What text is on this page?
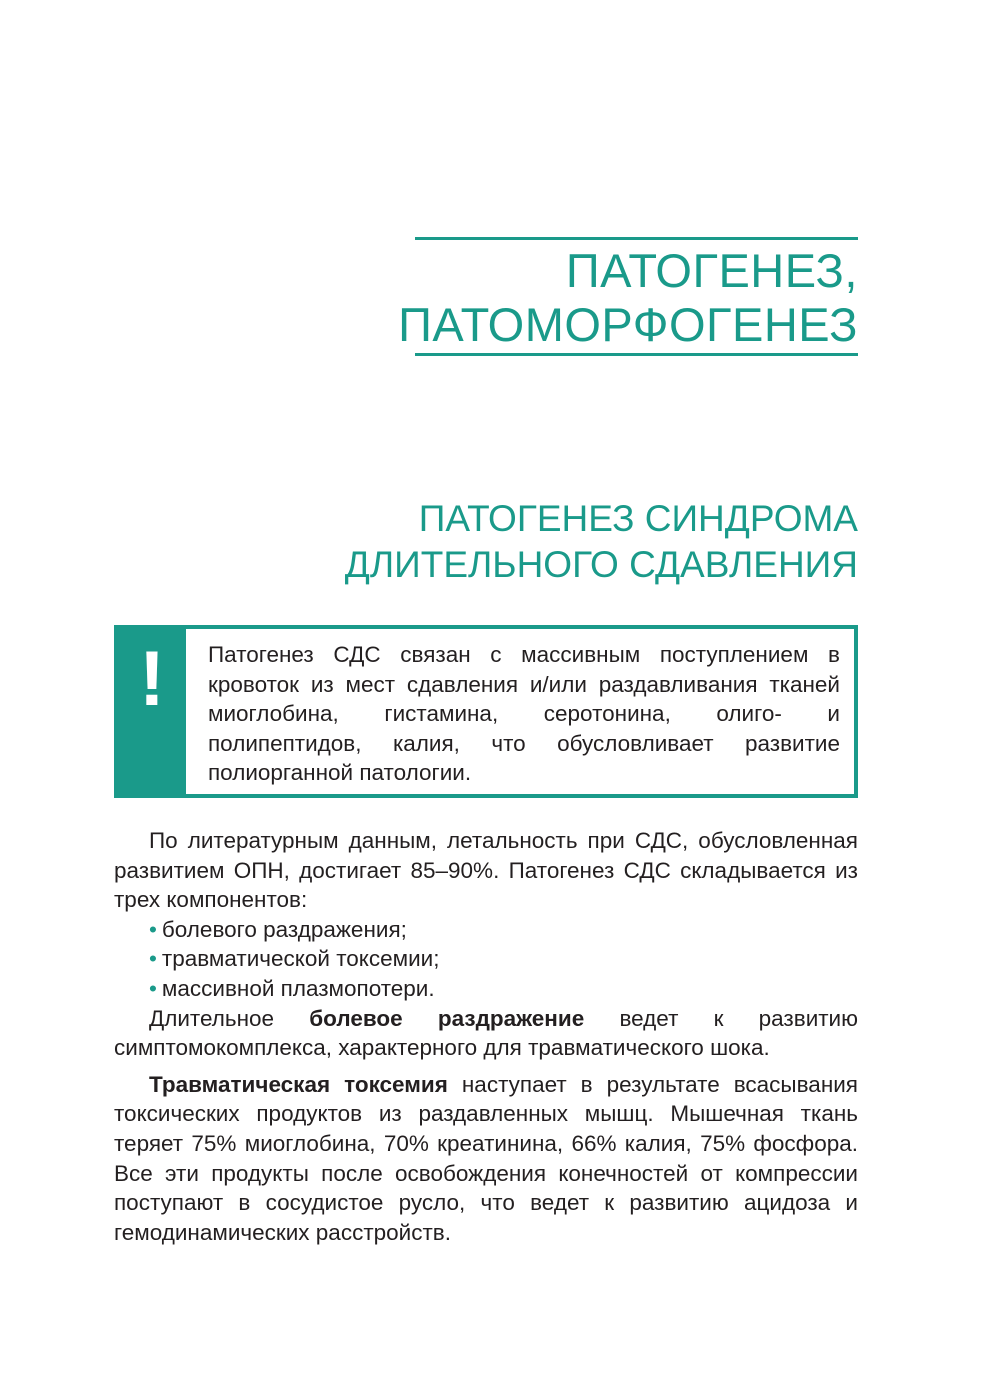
ПАТОГЕНЕЗ,
ПАТОМОРФОГЕНЕЗ
ПАТОГЕНЕЗ СИНДРОМА
ДЛИТЕЛЬНОГО СДАВЛЕНИЯ
!	Патогенез СДС связан с массивным поступлением в кровоток из мест сдавления и/или раздавливания тканей миоглобина, гистамина, серотонина, олиго- и полипептидов, калия, что обусловливает развитие полиорганной патологии.

По литературным данным, летальность при СДС, обусловленная развитием ОПН, достигает 85–90%. Патогенез СДС складывается из трех компонентов:

• болевого раздражения;
• травматической токсемии;
• массивной плазмопотери.

Длительное болевое раздражение ведет к развитию симптомокомплекса, характерного для травматического шока.

Травматическая токсемия наступает в результате всасывания токсических продуктов из раздавленных мышц. Мышечная ткань теряет 75% миоглобина, 70% креатинина, 66% калия, 75% фосфора. Все эти продукты после освобождения конечностей от компрессии поступают в сосудистое русло, что ведет к развитию ацидоза и гемодинамических расстройств.
